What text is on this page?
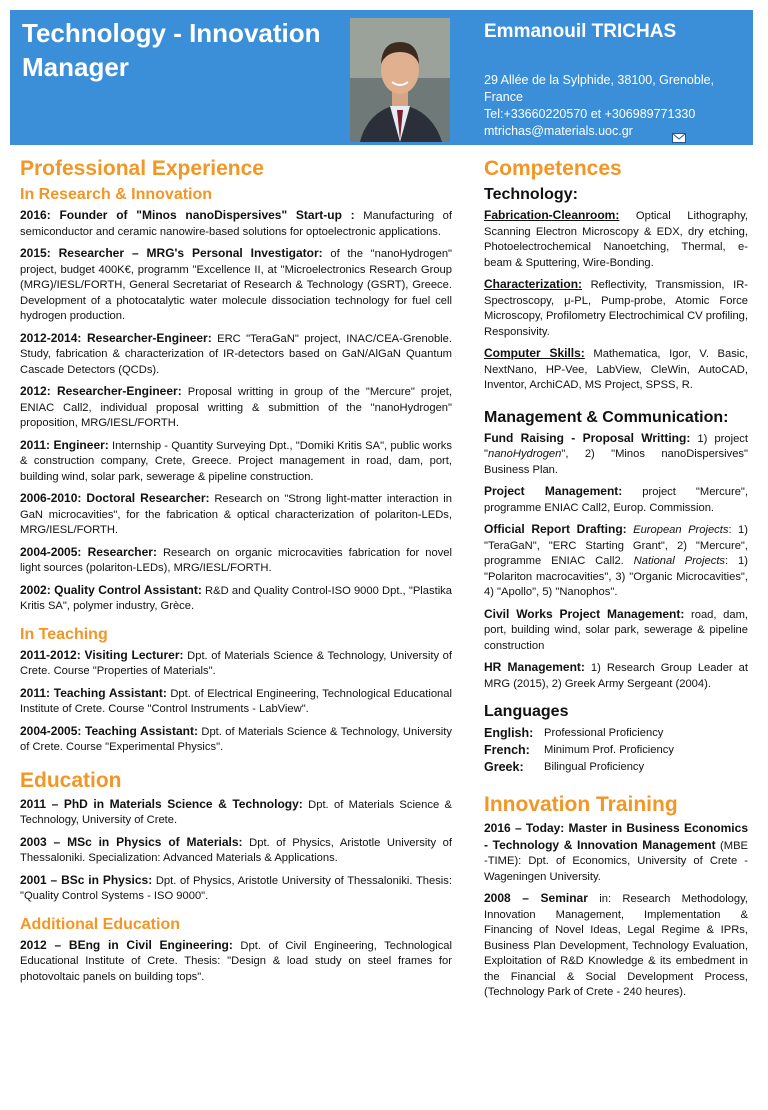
Technology - Innovation
Manager
Emmanouil TRICHAS
29 Allée de la Sylphide, 38100, Grenoble,
France
Tel:+33660220570 et +306989771330
mtrichas@materials.uoc.gr
Professional Experience
In Research & Innovation
2016: Founder of "Minos nanoDispersives" Start-up : Manufacturing of semiconductor and ceramic nanowire-based solutions for optoelectronic applications.
2015: Researcher – MRG's Personal Investigator: of the "nanoHydrogen" project, budget 400K€, programm "Excellence II, at "Microelectronics Research Group (MRG)/IESL/FORTH, General Secretariat of Research & Technology (GSRT), Greece. Development of a photocatalytic water molecule dissociation technology for fuel cell hydrogen production.
2012-2014: Researcher-Engineer: ERC "TeraGaN" project, INAC/CEA-Grenoble. Study, fabrication & characterization of IR-detectors based on GaN/AlGaN Quantum Cascade Detectors (QCDs).
2012: Researcher-Engineer: Proposal writting in group of the "Mercure" projet, ENIAC Call2, individual proposal writting & submittion of the "nanoHydrogen" proposition, MRG/IESL/FORTH.
2011: Engineer: Internship - Quantity Surveying Dpt., "Domiki Kritis SA", public works & construction company, Crete, Greece. Project management in road, dam, port, building wind, solar park, sewerage & pipeline construction.
2006-2010: Doctoral Researcher: Research on "Strong light-matter interaction in GaN microcavities", for the fabrication & optical characterization of polariton-LEDs, MRG/IESL/FORTH.
2004-2005: Researcher: Research on organic microcavities fabrication for novel light sources (polariton-LEDs), MRG/IESL/FORTH.
2002: Quality Control Assistant: R&D and Quality Control-ISO 9000 Dpt., "Plastika Kritis SA", polymer industry, Grèce.
In Teaching
2011-2012: Visiting Lecturer: Dpt. of Materials Science & Technology, University of Crete. Course "Properties of Materials".
2011: Teaching Assistant: Dpt. of Electrical Engineering, Technological Educational Institute of Crete. Course "Control Instruments - LabView".
2004-2005: Teaching Assistant: Dpt. of Materials Science & Technology, University of Crete. Course "Experimental Physics".
Education
2011 – PhD in Materials Science & Technology: Dpt. of Materials Science & Technology, University of Crete.
2003 – MSc in Physics of Materials: Dpt. of Physics, Aristotle University of Thessaloniki. Specialization: Advanced Materials & Applications.
2001 – BSc in Physics: Dpt. of Physics, Aristotle University of Thessaloniki. Thesis: "Quality Control Systems - ISO 9000".
Additional Education
2012 – BEng in Civil Engineering: Dpt. of Civil Engineering, Technological Educational Institute of Crete. Thesis: "Design & load study on steel frames for photovoltaic panels on building tops".
Competences
Technology:
Fabrication-Cleanroom: Optical Lithography, Scanning Electron Microscopy & EDX, dry etching, Photoelectrochemical Nanoetching, Thermal, e-beam & Sputtering, Wire-Bonding.
Characterization: Reflectivity, Transmission, IR-Spectroscopy, μ-PL, Pump-probe, Atomic Force Microscopy, Profilometry Electrochimical CV profiling, Responsivity.
Computer Skills: Mathematica, Igor, V. Basic, NextNano, HP-Vee, LabView, CleWin, AutoCAD, Inventor, ArchiCAD, MS Project, SPSS, R.
Management & Communication:
Fund Raising - Proposal Writting: 1) project "nanoHydrogen", 2) "Minos nanoDispersives" Business Plan.
Project Management: project "Mercure", programme ENIAC Call2, Europ. Commission.
Official Report Drafting: European Projects: 1) "TeraGaN", "ERC Starting Grant", 2) "Mercure", programme ENIAC Call2. National Projects: 1) "Polariton macrocavities", 3) "Organic Microcavities", 4) "Apollo", 5) "Nanophos".
Civil Works Project Management: road, dam, port, building wind, solar park, sewerage & pipeline construction
HR Management: 1) Research Group Leader at MRG (2015), 2) Greek Army Sergeant (2004).
Languages
English: Professional Proficiency
French:	Minimum Prof. Proficiency
Greek:	Bilingual Proficiency
Innovation Training
2016 – Today: Master in Business Economics - Technology & Innovation Management (MBE -TIME): Dpt. of Economics, University of Crete - Wageningen University.
2008 – Seminar in: Research Methodology, Innovation Management, Implementation & Financing of Novel Ideas, Legal Regime & IPRs, Business Plan Development, Technology Evaluation, Exploitation of R&D Knowledge & its embedment in the Financial & Social Development Process, (Technology Park of Crete - 240 heures).
